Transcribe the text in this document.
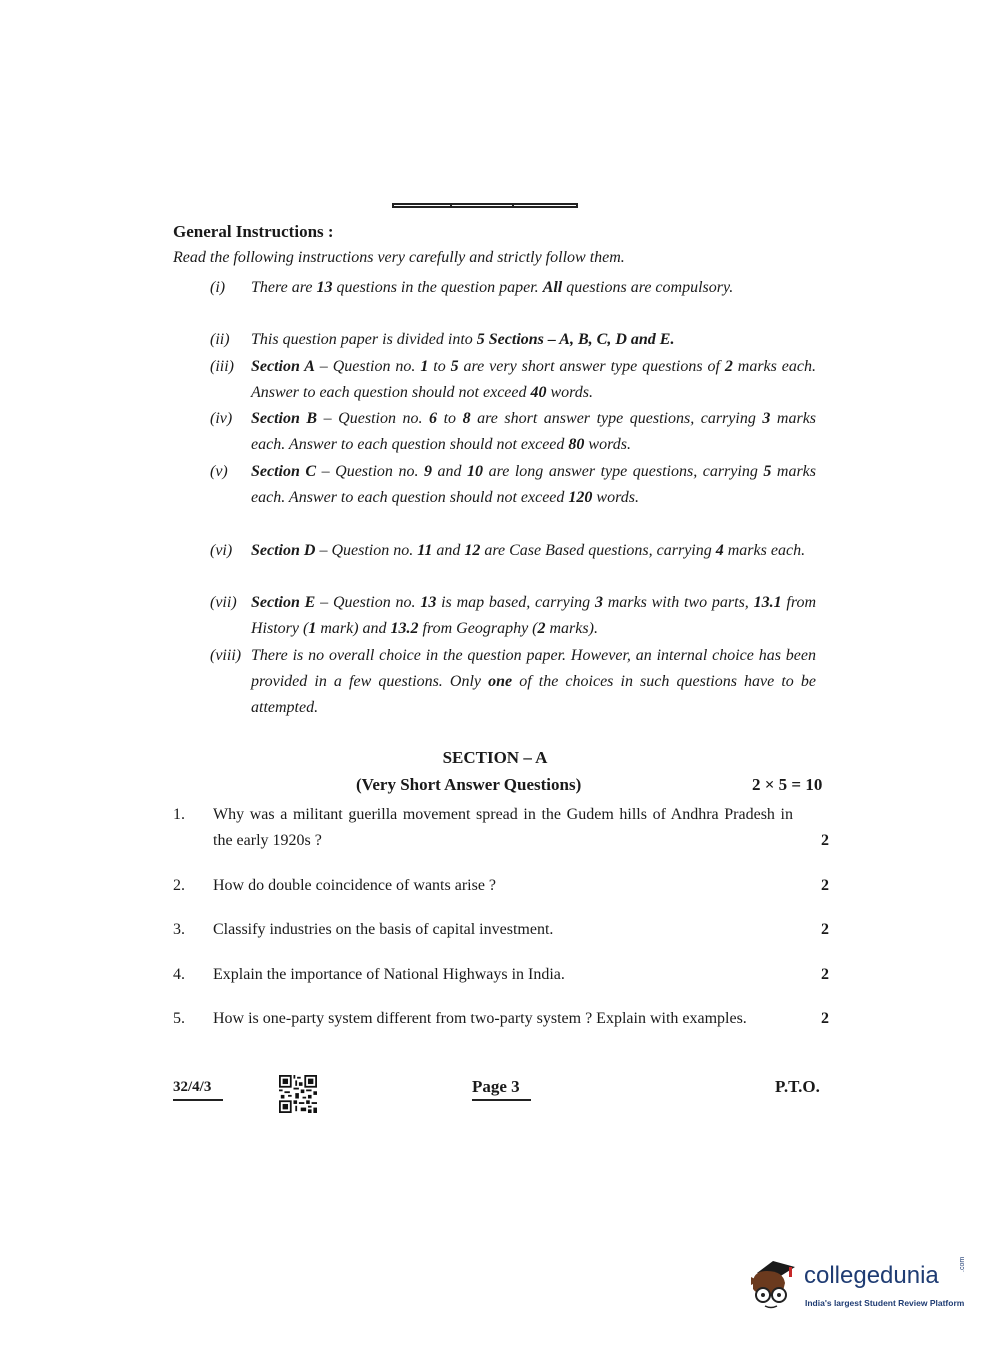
General Instructions :
Read the following instructions very carefully and strictly follow them.
(i) There are 13 questions in the question paper. All questions are compulsory.
(ii) This question paper is divided into 5 Sections – A, B, C, D and E.
(iii) Section A – Question no. 1 to 5 are very short answer type questions of 2 marks each. Answer to each question should not exceed 40 words.
(iv) Section B – Question no. 6 to 8 are short answer type questions, carrying 3 marks each. Answer to each question should not exceed 80 words.
(v) Section C – Question no. 9 and 10 are long answer type questions, carrying 5 marks each. Answer to each question should not exceed 120 words.
(vi) Section D – Question no. 11 and 12 are Case Based questions, carrying 4 marks each.
(vii) Section E – Question no. 13 is map based, carrying 3 marks with two parts, 13.1 from History (1 mark) and 13.2 from Geography (2 marks).
(viii) There is no overall choice in the question paper. However, an internal choice has been provided in a few questions. Only one of the choices in such questions have to be attempted.
SECTION – A
(Very Short Answer Questions)	2 × 5 = 10
1. Why was a militant guerilla movement spread in the Gudem hills of Andhra Pradesh in the early 1920s ?	2
2. How do double coincidence of wants arise ?	2
3. Classify industries on the basis of capital investment.	2
4. Explain the importance of National Highways in India.	2
5. How is one-party system different from two-party system ? Explain with examples.	2
32/4/3	Page 3	P.T.O.
collegedunia	.com
India's largest Student Review Platform
